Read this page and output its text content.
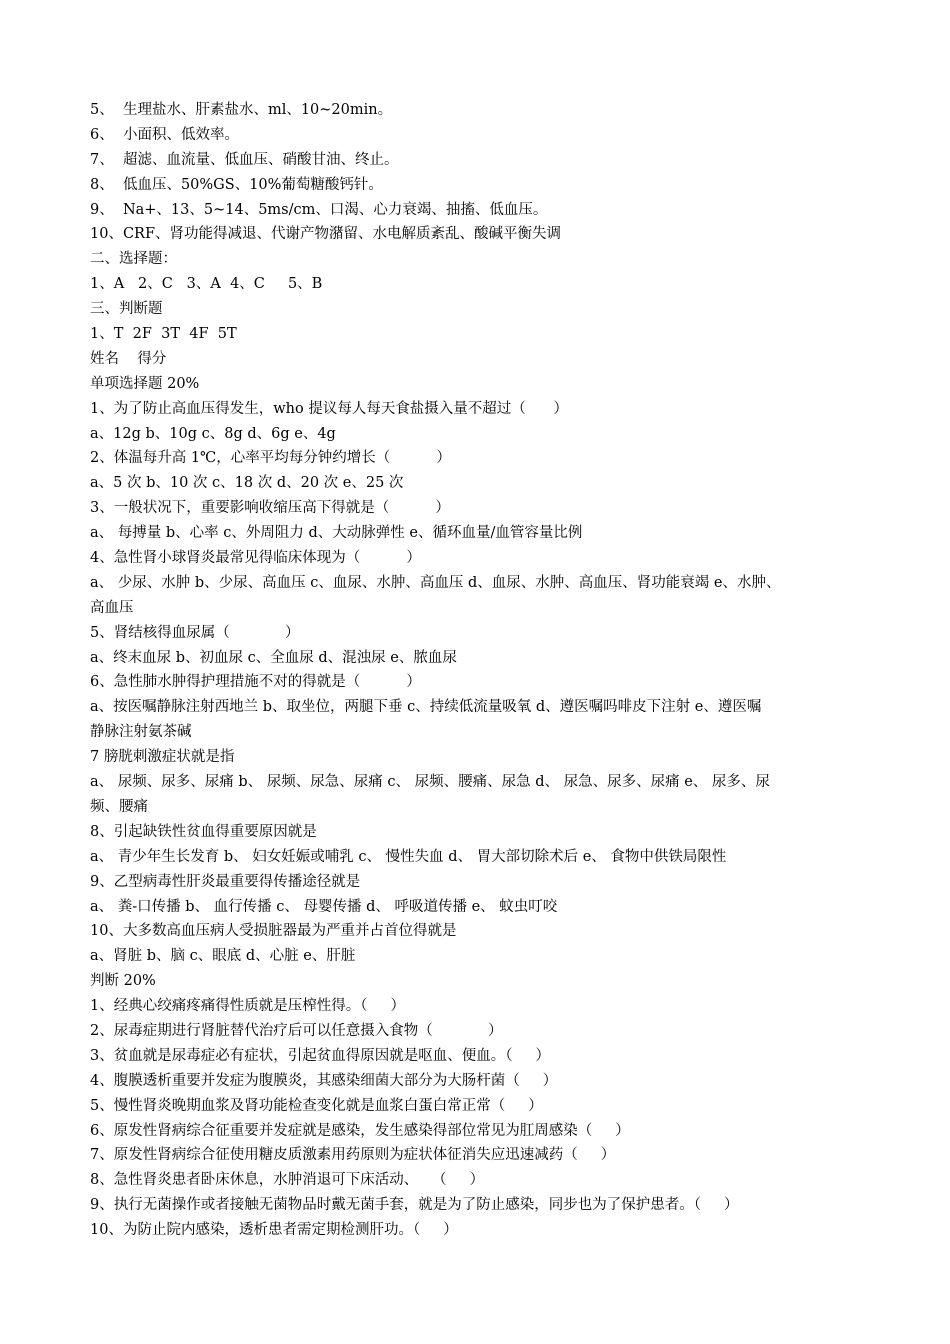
5、  生理盐水、肝素盐水、ml、10~20min。
6、  小面积、低效率。
7、  超滤、血流量、低血压、硝酸甘油、终止。
8、  低血压、50%GS、10%葡萄糖酸钙针。
9、  Na+、13、5~14、5ms/cm、口渴、心力衰竭、抽搐、低血压。
10、CRF、肾功能得减退、代谢产物潴留、水电解质紊乱、酸碱平衡失调
二、选择题：
1、A   2、C   3、A  4、C     5、B
三、判断题
1、T  2F  3T  4F  5T
姓名    得分
单项选择题 20%
1、为了防止高血压得发生，who 提议每人每天食盐摄入量不超过（      ）
a、12g b、10g c、8g d、6g e、4g
2、体温每升高 1℃，心率平均每分钟约增长（          ）
a、5 次 b、10 次 c、18 次 d、20 次 e、25 次
3、一般状况下，重要影响收缩压高下得就是（          ）
a、 每搏量 b、心率 c、外周阻力 d、大动脉弹性 e、循环血量/血管容量比例
4、急性肾小球肾炎最常见得临床体现为（          ）
a、 少尿、水肿 b、少尿、高血压 c、血尿、水肿、高血压 d、血尿、水肿、高血压、肾功能衰竭 e、水肿、
高血压
5、肾结核得血尿属（            ）
a、终末血尿 b、初血尿 c、全血尿 d、混浊尿 e、脓血尿
6、急性肺水肿得护理措施不对的得就是（          ）
a、按医嘱静脉注射西地兰 b、取坐位，两腿下垂 c、持续低流量吸氧 d、遵医嘱吗啡皮下注射 e、遵医嘱
静脉注射氨茶碱
7 膀胱刺激症状就是指
a、 尿频、尿多、尿痛 b、 尿频、尿急、尿痛 c、 尿频、腰痛、尿急 d、 尿急、尿多、尿痛 e、 尿多、尿
频、腰痛
8、引起缺铁性贫血得重要原因就是
a、 青少年生长发育 b、 妇女妊娠或哺乳 c、 慢性失血 d、 胃大部切除术后 e、 食物中供铁局限性
9、乙型病毒性肝炎最重要得传播途径就是
a、 粪-口传播 b、 血行传播 c、 母婴传播 d、 呼吸道传播 e、 蚊虫叮咬
10、大多数高血压病人受损脏器最为严重并占首位得就是
a、肾脏 b、脑 c、眼底 d、心脏 e、肝脏
判断 20%
1、经典心绞痛疼痛得性质就是压榨性得。（     ）
2、尿毒症期进行肾脏替代治疗后可以任意摄入食物（            ）
3、贫血就是尿毒症必有症状，引起贫血得原因就是呕血、便血。（     ）
4、腹膜透析重要并发症为腹膜炎，其感染细菌大部分为大肠杆菌（     ）
5、慢性肾炎晚期血浆及肾功能检查变化就是血浆白蛋白常正常（     ）
6、原发性肾病综合征重要并发症就是感染，发生感染得部位常见为肛周感染（     ）
7、原发性肾病综合征使用糖皮质激素用药原则为症状体征消失应迅速减药（     ）
8、急性肾炎患者卧床休息，水肿消退可下床活动、   （     ）
9、执行无菌操作或者接触无菌物品时戴无菌手套，就是为了防止感染，同步也为了保护患者。（     ）
10、为防止院内感染，透析患者需定期检测肝功。（     ）
